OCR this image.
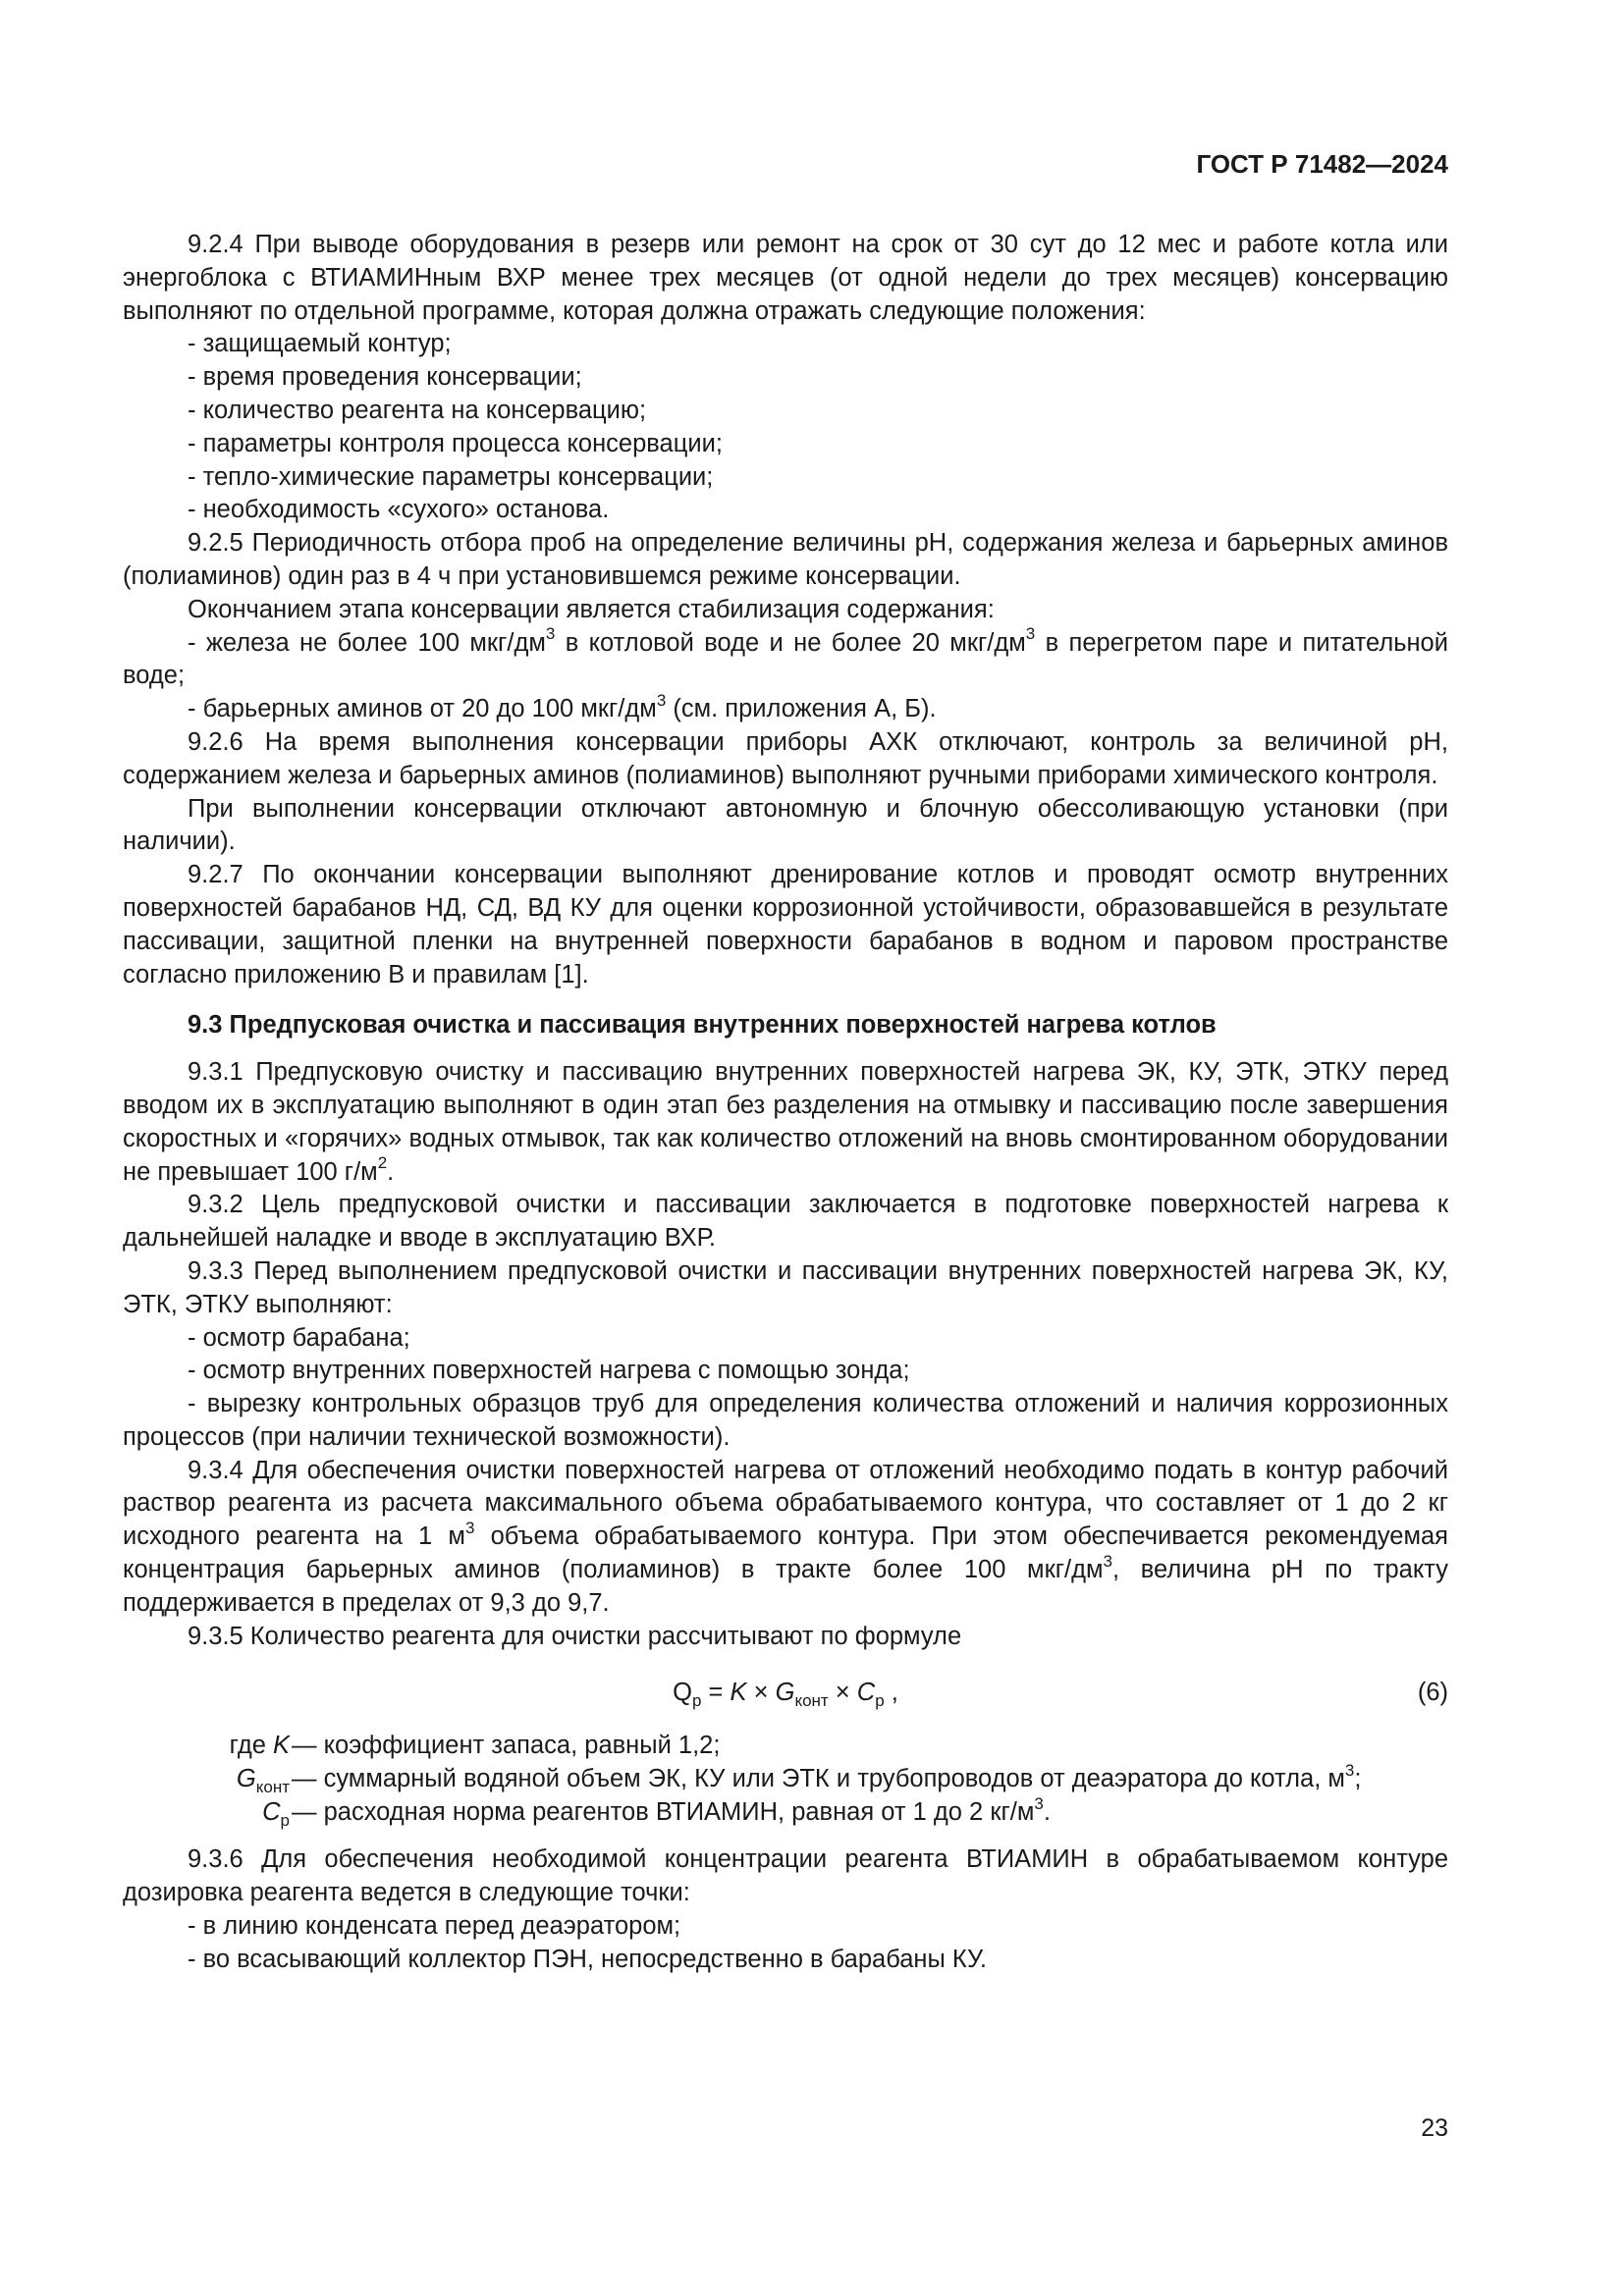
ГОСТ Р 71482—2024

9.2.4 При выводе оборудования в резерв или ремонт на срок от 30 сут до 12 мес и работе котла или энергоблока с ВТИАМИНным ВХР менее трех месяцев (от одной недели до трех месяцев) консервацию выполняют по отдельной программе, которая должна отражать следующие положения:

- защищаемый контур;
- время проведения консервации;
- количество реагента на консервацию;
- параметры контроля процесса консервации;
- тепло-химические параметры консервации;
- необходимость «сухого» останова.

9.2.5 Периодичность отбора проб на определение величины pH, содержания железа и барьерных аминов (полиаминов) один раз в 4 ч при установившемся режиме консервации.

Окончанием этапа консервации является стабилизация содержания:

- железа не более 100 мкг/$дм^3$ в котловой воде и не более 20 мкг/$дм^3$ в перегретом паре и питательной воде;

- барьерных аминов от 20 до 100 мкг/$дм^3$ (см. приложения А, Б).

9.2.6 На время выполнения консервации приборы АХК отключают, контроль за величиной pH, содержанием железа и барьерных аминов (полиаминов) выполняют ручными приборами химического контроля.

При выполнении консервации отключают автономную и блочную обессоливающую установки (при наличии).

9.2.7 По окончании консервации выполняют дренирование котлов и проводят осмотр внутренних поверхностей барабанов НД, СД, ВД КУ для оценки коррозионной устойчивости, образовавшейся в результате пассивации, защитной пленки на внутренней поверхности барабанов в водном и паровом пространстве согласно приложению В и правилам [1].

9.3 Предпусковая очистка и пассивация внутренних поверхностей нагрева котлов

9.3.1 Предпусковую очистку и пассивацию внутренних поверхностей нагрева ЭК, КУ, ЭТК, ЭТКУ перед вводом их в эксплуатацию выполняют в один этап без разделения на отмывку и пассивацию после завершения скоростных и «горячих» водных отмывок, так как количество отложений на вновь смонтированном оборудовании не превышает 100 $г/м^2$.

9.3.2 Цель предпусковой очистки и пассивации заключается в подготовке поверхностей нагрева к дальнейшей наладке и вводе в эксплуатацию ВХР.

9.3.3 Перед выполнением предпусковой очистки и пассивации внутренних поверхностей нагрева ЭК, КУ, ЭТК, ЭТКУ выполняют:

- осмотр барабана;
- осмотр внутренних поверхностей нагрева с помощью зонда;

- вырезку контрольных образцов труб для определения количества отложений и наличия коррозионных процессов (при наличии технической возможности).

9.3.4 Для обеспечения очистки поверхностей нагрева от отложений необходимо подать в контур рабочий раствор реагента из расчета максимального объема обрабатываемого контура, что составляет от 1 до 2 кг исходного реагента на 1 $м^3$ объема обрабатываемого контура. При этом обеспечивается рекомендуемая концентрация барьерных аминов (полиаминов) в тракте более 100 мкг/$дм^3$, величина pH по тракту поддерживается в пределах от 9,3 до 9,7.

9.3.5 Количество реагента для очистки рассчитывают по формуле

$Q_p = K \times G_{конт} \times C_p$ ,	(6)
где K — коэффициент запаса, равный 1,2;
$G_{конт}$ — суммарный водяной объем ЭК, КУ или ЭТК и трубопроводов от деаэратора до котла, $м^3$;
$C_p$ — расходная норма реагентов ВТИАМИН, равная от 1 до 2 $кг/м^3$.

9.3.6 Для обеспечения необходимой концентрации реагента ВТИАМИН в обрабатываемом контуре дозировка реагента ведется в следующие точки:

- в линию конденсата перед деаэратором;
- во всасывающий коллектор ПЭН, непосредственно в барабаны КУ.
23
